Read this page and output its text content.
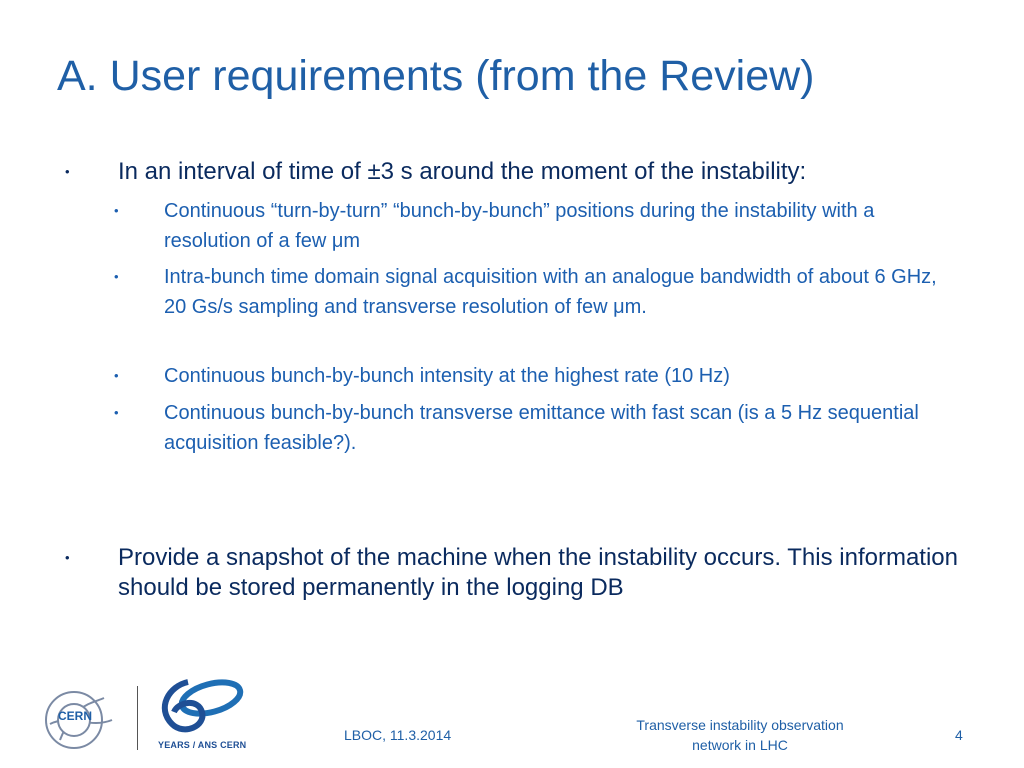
A. User requirements (from the Review)
• In an interval of time of ±3 s around the moment of the instability:
• Continuous “turn-by-turn” “bunch-by-bunch” positions during the instability with a resolution of a few μm
• Intra-bunch time domain signal acquisition with an analogue bandwidth of about 6 GHz, 20 Gs/s sampling and transverse resolution of few μm.
• Continuous bunch-by-bunch intensity at the highest rate (10 Hz)
• Continuous bunch-by-bunch transverse emittance with fast scan (is a 5 Hz sequential acquisition feasible?).
• Provide a snapshot of the machine when the instability occurs. This information should be stored permanently in the logging DB
CERN
YEARS / ANS CERN
LBOC, 11.3.2014
Transverse instability observation
network in LHC
4
